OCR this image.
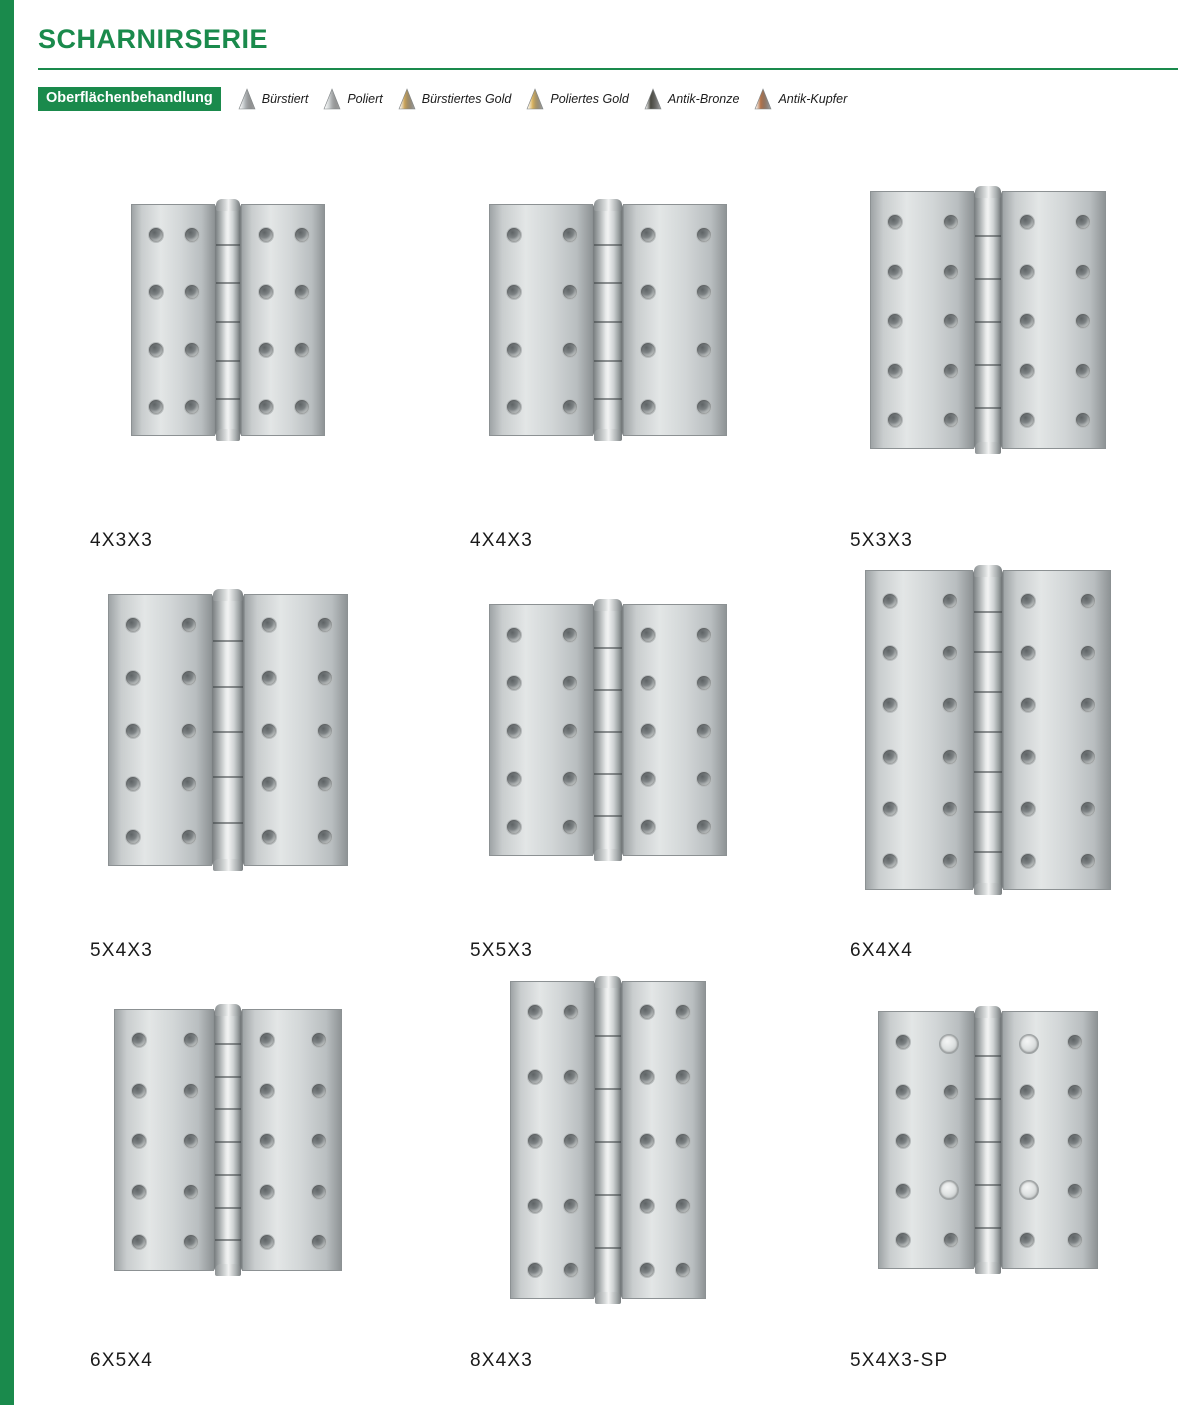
SCHARNIRSERIE
Oberflächenbehandlung	Bürstiert	Poliert	Bürstiertes Gold	Poliertes Gold	Antik-Bronze	Antik-Kupfer
4X3X3	4X4X3	5X3X3
5X4X3	5X5X3	6X4X4
6X5X4	8X4X3	5X4X3-SP
